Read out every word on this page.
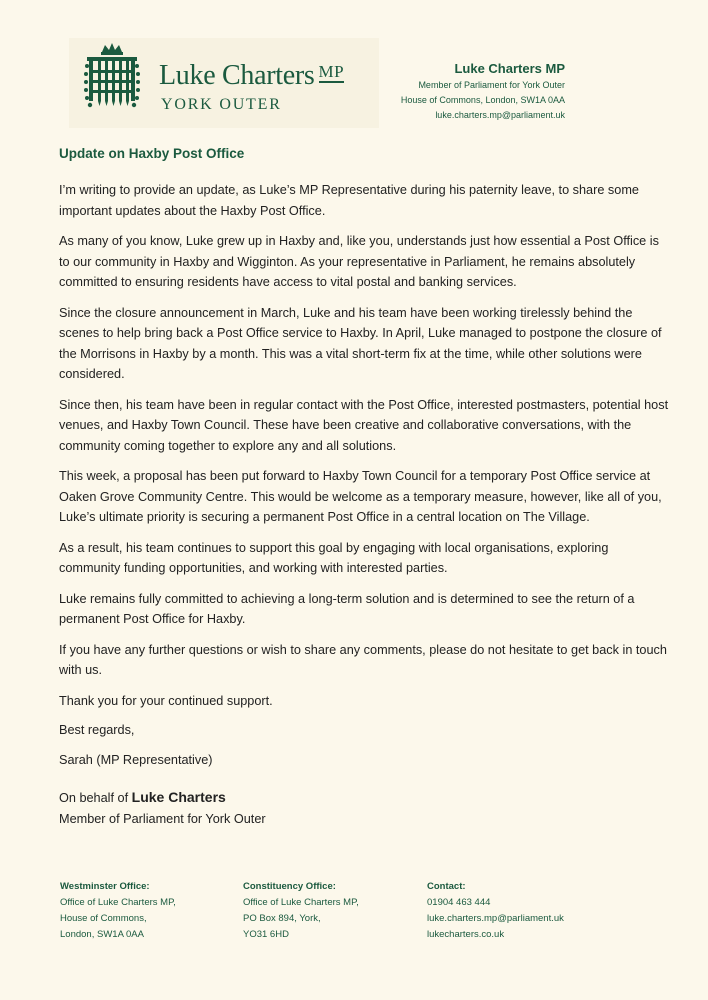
Luke Charters $^{MP}$
YORK OUTER
Luke Charters MP
Member of Parliament for York Outer
House of Commons, London, SW1A 0AA
luke.charters.mp@parliament.uk
Update on Haxby Post Office

I’m writing to provide an update, as Luke’s MP Representative during his paternity leave, to share some important updates about the Haxby Post Office.

As many of you know, Luke grew up in Haxby and, like you, understands just how essential a Post Office is to our community in Haxby and Wigginton. As your representative in Parliament, he remains absolutely committed to ensuring residents have access to vital postal and banking services.

Since the closure announcement in March, Luke and his team have been working tirelessly behind the scenes to help bring back a Post Office service to Haxby. In April, Luke managed to postpone the closure of the Morrisons in Haxby by a month. This was a vital short-term fix at the time, while other solutions were considered.

Since then, his team have been in regular contact with the Post Office, interested postmasters, potential host venues, and Haxby Town Council. These have been creative and collaborative conversations, with the community coming together to explore any and all solutions.

This week, a proposal has been put forward to Haxby Town Council for a temporary Post Office service at Oaken Grove Community Centre. This would be welcome as a temporary measure, however, like all of you, Luke’s ultimate priority is securing a permanent Post Office in a central location on The Village.

As a result, his team continues to support this goal by engaging with local organisations, exploring community funding opportunities, and working with interested parties.

Luke remains fully committed to achieving a long-term solution and is determined to see the return of a permanent Post Office for Haxby.

If you have any further questions or wish to share any comments, please do not hesitate to get back in touch with us.

Thank you for your continued support.

Best regards,

Sarah (MP Representative)

On behalf of Luke Charters
Member of Parliament for York Outer
Westminster Office:
Office of Luke Charters MP,
House of Commons,
London, SW1A 0AA
Constituency Office:
Office of Luke Charters MP,
PO Box 894, York,
YO31 6HD
Contact:
01904 463 444
luke.charters.mp@parliament.uk
lukecharters.co.uk
